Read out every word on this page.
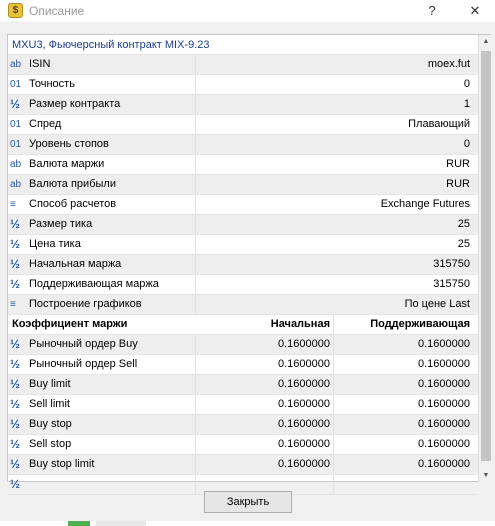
$ Описание	?	✕
MXU3, Фьючерсный контракт MIX-9.23
ab ISIN	moex.fut
01 Точность	0
½ Размер контракта	1
01 Спред	Плавающий
01 Уровень стопов	0
ab Валюта маржи	RUR
ab Валюта прибыли	RUR
≡	Способ расчетов	Exchange Futures
½ Размер тика	25
½ Цена тика	25
½ Начальная маржа	315750
½ Поддерживающая маржа	315750
≡	Построение графиков	По цене Last
Коэффициент маржи	Начальная	Поддерживающая
½ Рыночный ордер Buy	0.1600000	0.1600000
½ Рыночный ордер Sell	0.1600000	0.1600000
½ Buy limit	0.1600000	0.1600000
½ Sell limit	0.1600000	0.1600000
½ Buy stop	0.1600000	0.1600000
½ Sell stop	0.1600000	0.1600000
½ Buy stop limit	0.1600000	0.1600000
½
▲
▼
Закрыть
